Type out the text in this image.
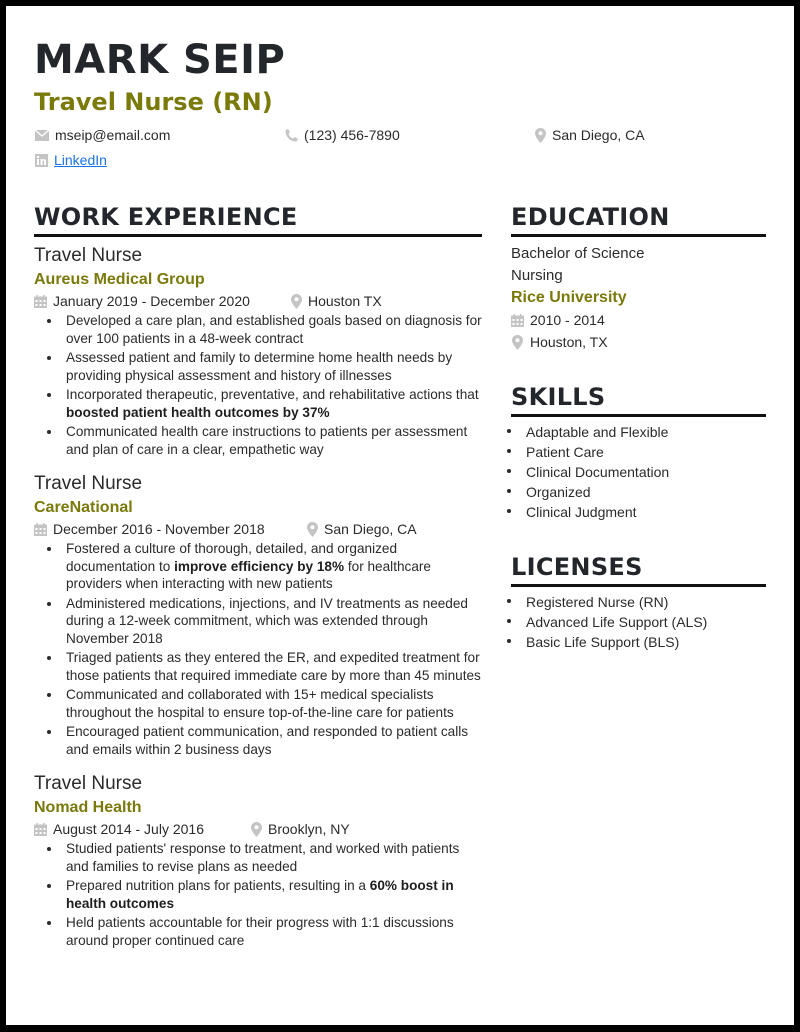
MARK SEIP
Travel Nurse (RN)
mseip@email.com	(123) 456-7890	San Diego, CA
LinkedIn
WORK EXPERIENCE
Travel Nurse
Aureus Medical Group
January 2019 - December 2020	Houston TX
Developed a care plan, and established goals based on diagnosis for over 100 patients in a 48-week contract
Assessed patient and family to determine home health needs by providing physical assessment and history of illnesses
Incorporated therapeutic, preventative, and rehabilitative actions that boosted patient health outcomes by 37%
Communicated health care instructions to patients per assessment and plan of care in a clear, empathetic way
Travel Nurse
CareNational
December 2016 - November 2018	San Diego, CA
Fostered a culture of thorough, detailed, and organized documentation to improve efficiency by 18% for healthcare providers when interacting with new patients
Administered medications, injections, and IV treatments as needed during a 12-week commitment, which was extended through November 2018
Triaged patients as they entered the ER, and expedited treatment for those patients that required immediate care by more than 45 minutes
Communicated and collaborated with 15+ medical specialists throughout the hospital to ensure top-of-the-line care for patients
Encouraged patient communication, and responded to patient calls and emails within 2 business days
Travel Nurse
Nomad Health
August 2014 - July 2016	Brooklyn, NY
Studied patients' response to treatment, and worked with patients and families to revise plans as needed
Prepared nutrition plans for patients, resulting in a 60% boost in health outcomes
Held patients accountable for their progress with 1:1 discussions around proper continued care
EDUCATION
Bachelor of Science
Nursing
Rice University
2010 - 2014
Houston, TX
SKILLS
Adaptable and Flexible
Patient Care
Clinical Documentation
Organized
Clinical Judgment
LICENSES
Registered Nurse (RN)
Advanced Life Support (ALS)
Basic Life Support (BLS)
